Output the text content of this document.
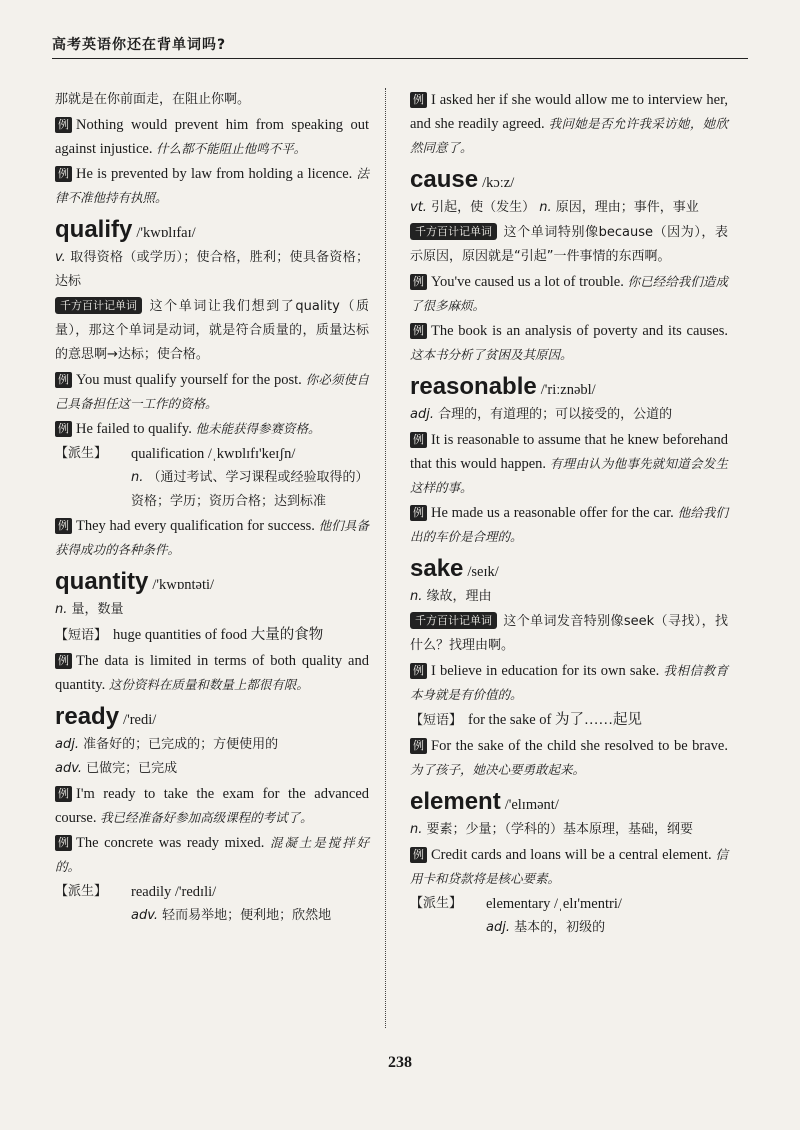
高考英语你还在背单词吗?

那就是在你前面走，在阻止你啊。

例 Nothing would prevent him from speaking out against injustice. 什么都不能阻止他鸣不平。

例 He is prevented by law from holding a licence. 法律不准他持有执照。

qualify /'kwɒlɪfaɪ/

v. 取得资格（或学历）；使合格，胜利；使具备资格；达标

千方百计记单词 这个单词让我们想到了quality（质量），那这个单词是动词，就是符合质量的，质量达标的意思啊→达标；使合格。

例 You must qualify yourself for the post. 你必须使自己具备担任这一工作的资格。

例 He failed to qualify. 他未能获得参赛资格。

【派生】	qualification /ˌkwɒlɪfɪ'keɪʃn/
n. （通过考试、学习课程或经验取得的）资格；学历；资历合格；达到标准

例 They had every qualification for success. 他们具备获得成功的各种条件。

quantity /'kwɒntəti/

n. 量，数量

【短语】 huge quantities of food 大量的食物

例 The data is limited in terms of both quality and quantity. 这份资料在质量和数量上都很有限。

ready /'redi/

adj. 准备好的；已完成的；方便使用的
adv. 已做完；已完成

例 I'm ready to take the exam for the advanced course. 我已经准备好参加高级课程的考试了。

例 The concrete was ready mixed. 混凝土是搅拌好的。

【派生】	readily /'redɪli/
adv. 轻而易举地；便利地；欣然地

例 I asked her if she would allow me to interview her, and she readily agreed. 我问她是否允许我采访她，她欣然同意了。

cause /kɔːz/

vt. 引起，使（发生） n. 原因，理由；事件，事业

千方百计记单词 这个单词特别像because（因为），表示原因，原因就是“引起”一件事情的东西啊。

例 You've caused us a lot of trouble. 你已经给我们造成了很多麻烦。

例 The book is an analysis of poverty and its causes. 这本书分析了贫困及其原因。

reasonable /'riːznəbl/

adj. 合理的，有道理的；可以接受的，公道的

例 It is reasonable to assume that he knew beforehand that this would happen. 有理由认为他事先就知道会发生这样的事。

例 He made us a reasonable offer for the car. 他给我们出的车价是合理的。

sake /seɪk/

n. 缘故，理由

千方百计记单词 这个单词发音特别像seek（寻找），找什么？找理由啊。

例 I believe in education for its own sake. 我相信教育本身就是有价值的。

【短语】 for the sake of 为了……起见

例 For the sake of the child she resolved to be brave. 为了孩子，她决心要勇敢起来。

element /'elɪmənt/

n. 要素；少量；（学科的）基本原理，基础，纲要

例 Credit cards and loans will be a central element. 信用卡和贷款将是核心要素。

【派生】	elementary /ˌelɪ'mentri/
adj. 基本的，初级的
238
